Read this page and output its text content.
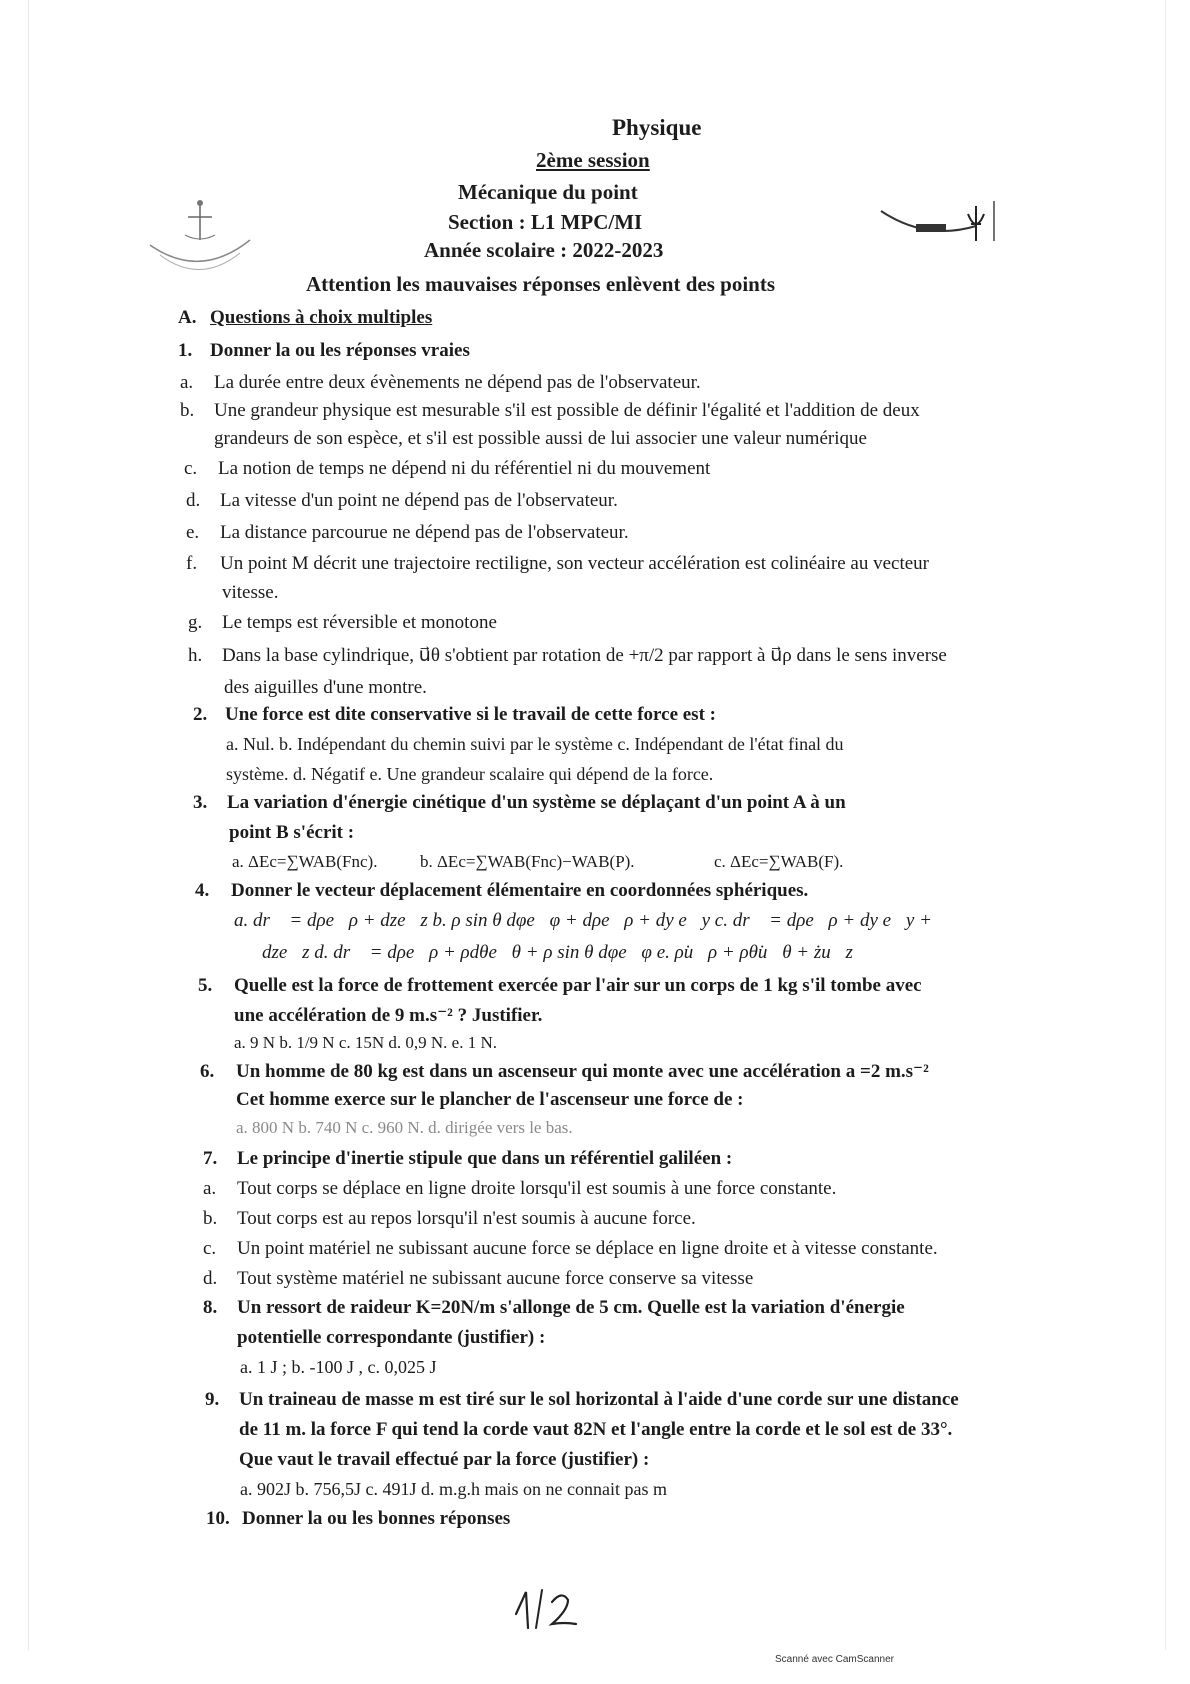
Physique
2ème session
Mécanique du point
Section : L1 MPC/MI
Année scolaire : 2022-2023
Attention les mauvaises réponses enlèvent des points
A. Questions à choix multiples
1. Donner la ou les réponses vraies
a. La durée entre deux évènements ne dépend pas de l'observateur.
b. Une grandeur physique est mesurable s'il est possible de définir l'égalité et l'addition de deux
grandeurs de son espèce, et s'il est possible aussi de lui associer une valeur numérique
c. La notion de temps ne dépend ni du référentiel ni du mouvement
d. La vitesse d'un point ne dépend pas de l'observateur.
e. La distance parcourue ne dépend pas de l'observateur.
f. Un point M décrit une trajectoire rectiligne, son vecteur accélération est colinéaire au vecteur
vitesse.
g. Le temps est réversible et monotone
h. Dans la base cylindrique, u⃗θ s'obtient par rotation de +π/2 par rapport à u⃗ρ dans le sens inverse
des aiguilles d'une montre.
2. Une force est dite conservative si le travail de cette force est :
a. Nul. b. Indépendant du chemin suivi par le système c. Indépendant de l'état final du
système. d. Négatif e. Une grandeur scalaire qui dépend de la force.
3. La variation d'énergie cinétique d'un système se déplaçant d'un point A à un
point B s'écrit :
a. ΔEc=∑WAB(Fnc).	b. ΔEc=∑WAB(Fnc)−WAB(P).	c. ΔEc=∑WAB(F).
4. Donner le vecteur déplacement élémentaire en coordonnées sphériques.
a. dr⃗ = dρe⃗ρ + dze⃗z b. ρ sin θ dφe⃗φ + dρe⃗ρ + dy e⃗y c. dr⃗ = dρe⃗ρ + dy e⃗y +
dze⃗z d. dr⃗ = dρe⃗ρ + ρdθe⃗θ + ρ sin θ dφe⃗φ e. ρ̇u⃗ρ + ρθ̇u⃗θ + żu⃗z
5. Quelle est la force de frottement exercée par l'air sur un corps de 1 kg s'il tombe avec
une accélération de 9 m.s⁻² ? Justifier.
a. 9 N b. 1/9 N c. 15N d. 0,9 N. e. 1 N.
6. Un homme de 80 kg est dans un ascenseur qui monte avec une accélération a =2 m.s⁻²
Cet homme exerce sur le plancher de l'ascenseur une force de :
a. 800 N b. 740 N c. 960 N. d. dirigée vers le bas.
7. Le principe d'inertie stipule que dans un référentiel galiléen :
a. Tout corps se déplace en ligne droite lorsqu'il est soumis à une force constante.
b. Tout corps est au repos lorsqu'il n'est soumis à aucune force.
c. Un point matériel ne subissant aucune force se déplace en ligne droite et à vitesse constante.
d. Tout système matériel ne subissant aucune force conserve sa vitesse
8. Un ressort de raideur K=20N/m s'allonge de 5 cm. Quelle est la variation d'énergie
potentielle correspondante (justifier) :
a. 1 J ; b. -100 J , c. 0,025 J
9. Un traineau de masse m est tiré sur le sol horizontal à l'aide d'une corde sur une distance
de 11 m. la force F qui tend la corde vaut 82N et l'angle entre la corde et le sol est de 33°.
Que vaut le travail effectué par la force (justifier) :
a. 902J b. 756,5J c. 491J d. m.g.h mais on ne connait pas m
10. Donner la ou les bonnes réponses
Scanné avec CamScanner
